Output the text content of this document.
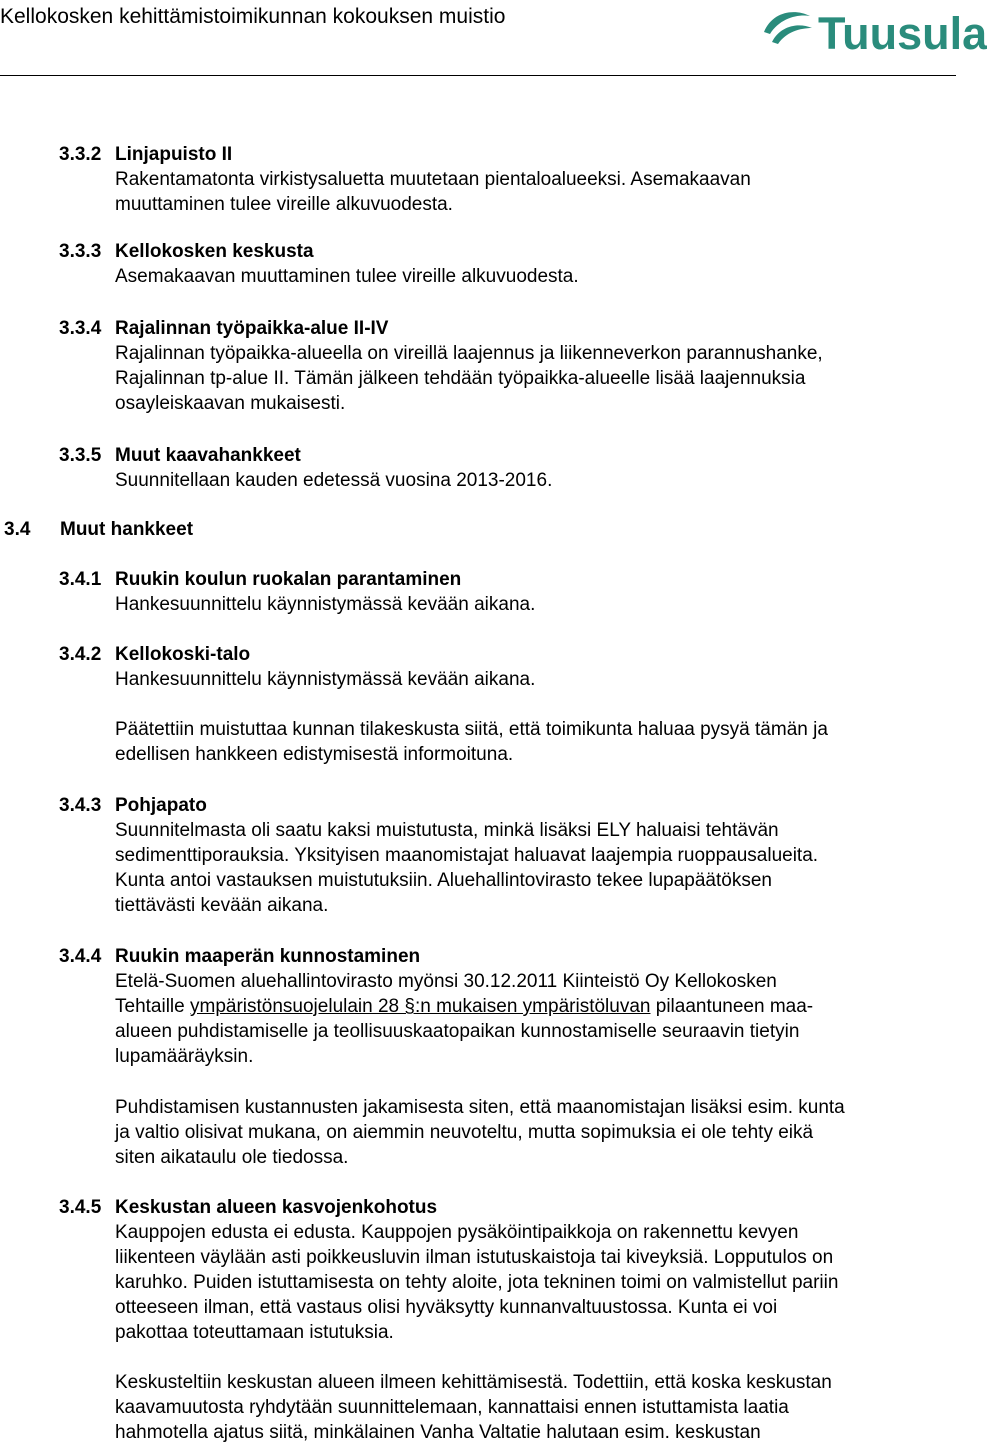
Kellokosken kehittämistoimikunnan kokouksen muistio	Tuusula
3.3.2 Linjapuisto II
Rakentamatonta virkistysaluetta muutetaan pientaloalueeksi. Asemakaavan
muuttaminen tulee vireille alkuvuodesta.
3.3.3 Kellokosken keskusta
Asemakaavan muuttaminen tulee vireille alkuvuodesta.
3.3.4 Rajalinnan työpaikka-alue II-IV
Rajalinnan työpaikka-alueella on vireillä laajennus ja liikenneverkon parannushanke,
Rajalinnan tp-alue II. Tämän jälkeen tehdään työpaikka-alueelle lisää laajennuksia
osayleiskaavan mukaisesti.
3.3.5 Muut kaavahankkeet
Suunnitellaan kauden edetessä vuosina 2013-2016.
3.4 Muut hankkeet
3.4.1 Ruukin koulun ruokalan parantaminen
Hankesuunnittelu käynnistymässä kevään aikana.
3.4.2 Kellokoski-talo
Hankesuunnittelu käynnistymässä kevään aikana.
Päätettiin muistuttaa kunnan tilakeskusta siitä, että toimikunta haluaa pysyä tämän ja
edellisen hankkeen edistymisestä informoituna.
3.4.3 Pohjapato
Suunnitelmasta oli saatu kaksi muistutusta, minkä lisäksi ELY haluaisi tehtävän
sedimenttiporauksia. Yksityisen maanomistajat haluavat laajempia ruoppausalueita.
Kunta antoi vastauksen muistutuksiin. Aluehallintovirasto tekee lupapäätöksen
tiettävästi kevään aikana.
3.4.4 Ruukin maaperän kunnostaminen
Etelä-Suomen aluehallintovirasto myönsi 30.12.2011 Kiinteistö Oy Kellokosken
Tehtaille ympäristönsuojelulain 28 §:n mukaisen ympäristöluvan pilaantuneen maa-
alueen puhdistamiselle ja teollisuuskaatopaikan kunnostamiselle seuraavin tietyin
lupamääräyksin.
Puhdistamisen kustannusten jakamisesta siten, että maanomistajan lisäksi esim. kunta
ja valtio olisivat mukana, on aiemmin neuvoteltu, mutta sopimuksia ei ole tehty eikä
siten aikataulu ole tiedossa.
3.4.5 Keskustan alueen kasvojenkohotus
Kauppojen edusta ei edusta. Kauppojen pysäköintipaikkoja on rakennettu kevyen
liikenteen väylään asti poikkeusluvin ilman istutuskaistoja tai kiveyksiä. Lopputulos on
karuhko. Puiden istuttamisesta on tehty aloite, jota tekninen toimi on valmistellut pariin
otteeseen ilman, että vastaus olisi hyväksytty kunnanvaltuustossa. Kunta ei voi
pakottaa toteuttamaan istutuksia.
Keskusteltiin keskustan alueen ilmeen kehittämisestä. Todettiin, että koska keskustan
kaavamuutosta ryhdytään suunnittelemaan, kannattaisi ennen istuttamista laatia
hahmotella ajatus siitä, minkälainen Vanha Valtatie halutaan esim. keskustan
